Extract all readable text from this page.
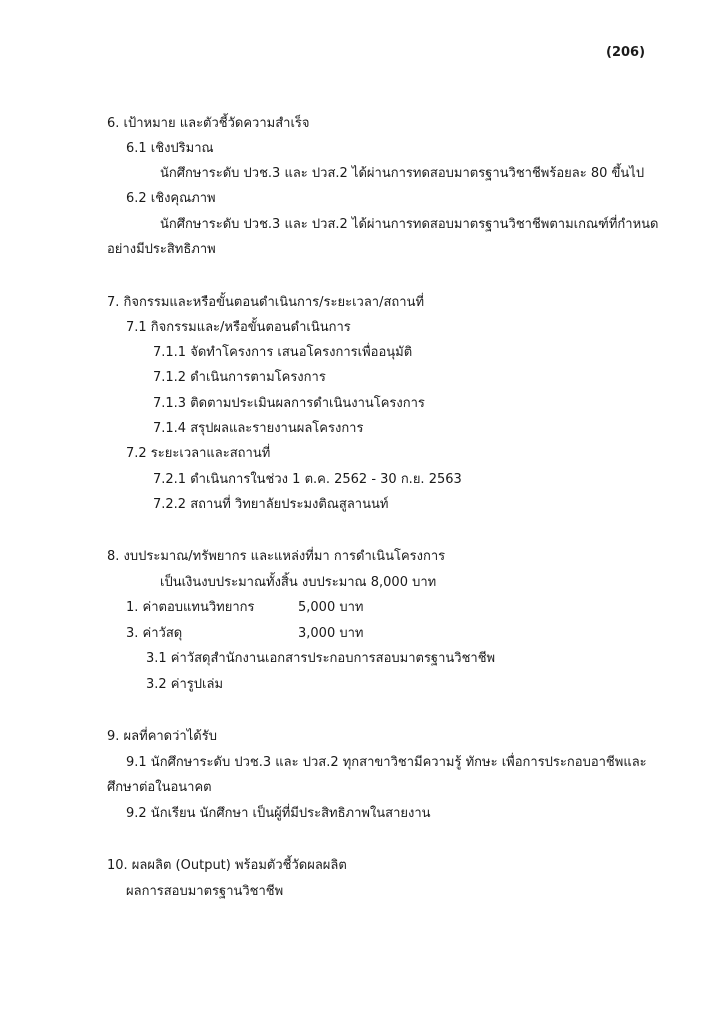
(206)
6. เป้าหมาย และตัวชี้วัดความสำเร็จ
6.1 เชิงปริมาณ
นักศึกษาระดับ ปวช.3 และ ปวส.2 ได้ผ่านการทดสอบมาตรฐานวิชาชีพร้อยละ 80 ขึ้นไป
6.2 เชิงคุณภาพ
นักศึกษาระดับ ปวช.3 และ ปวส.2 ได้ผ่านการทดสอบมาตรฐานวิชาชีพตามเกณฑ์ที่กำหนด
อย่างมีประสิทธิภาพ
7. กิจกรรมและหรือขั้นตอนดำเนินการ/ระยะเวลา/สถานที่
7.1 กิจกรรมและ/หรือขั้นตอนดำเนินการ
7.1.1 จัดทำโครงการ เสนอโครงการเพื่ออนุมัติ
7.1.2 ดำเนินการตามโครงการ
7.1.3 ติดตามประเมินผลการดำเนินงานโครงการ
7.1.4 สรุปผลและรายงานผลโครงการ
7.2 ระยะเวลาและสถานที่
7.2.1 ดำเนินการในช่วง 1 ต.ค. 2562 - 30 ก.ย. 2563
7.2.2 สถานที่ วิทยาลัยประมงติณสูลานนท์
8. งบประมาณ/ทรัพยากร และแหล่งที่มา การดำเนินโครงการ
เป็นเงินงบประมาณทั้งสิ้น งบประมาณ 8,000 บาท
1. ค่าตอบแทนวิทยากร	5,000 บาท
3. ค่าวัสดุ	3,000 บาท
3.1 ค่าวัสดุสำนักงานเอกสารประกอบการสอบมาตรฐานวิชาชีพ
3.2 ค่ารูปเล่ม
9. ผลที่คาดว่าได้รับ
9.1 นักศึกษาระดับ ปวช.3 และ ปวส.2 ทุกสาขาวิชามีความรู้ ทักษะ เพื่อการประกอบอาชีพและ
ศึกษาต่อในอนาคต
9.2 นักเรียน นักศึกษา เป็นผู้ที่มีประสิทธิภาพในสายงาน
10. ผลผลิต (Output) พร้อมตัวชี้วัดผลผลิต
ผลการสอบมาตรฐานวิชาชีพ
